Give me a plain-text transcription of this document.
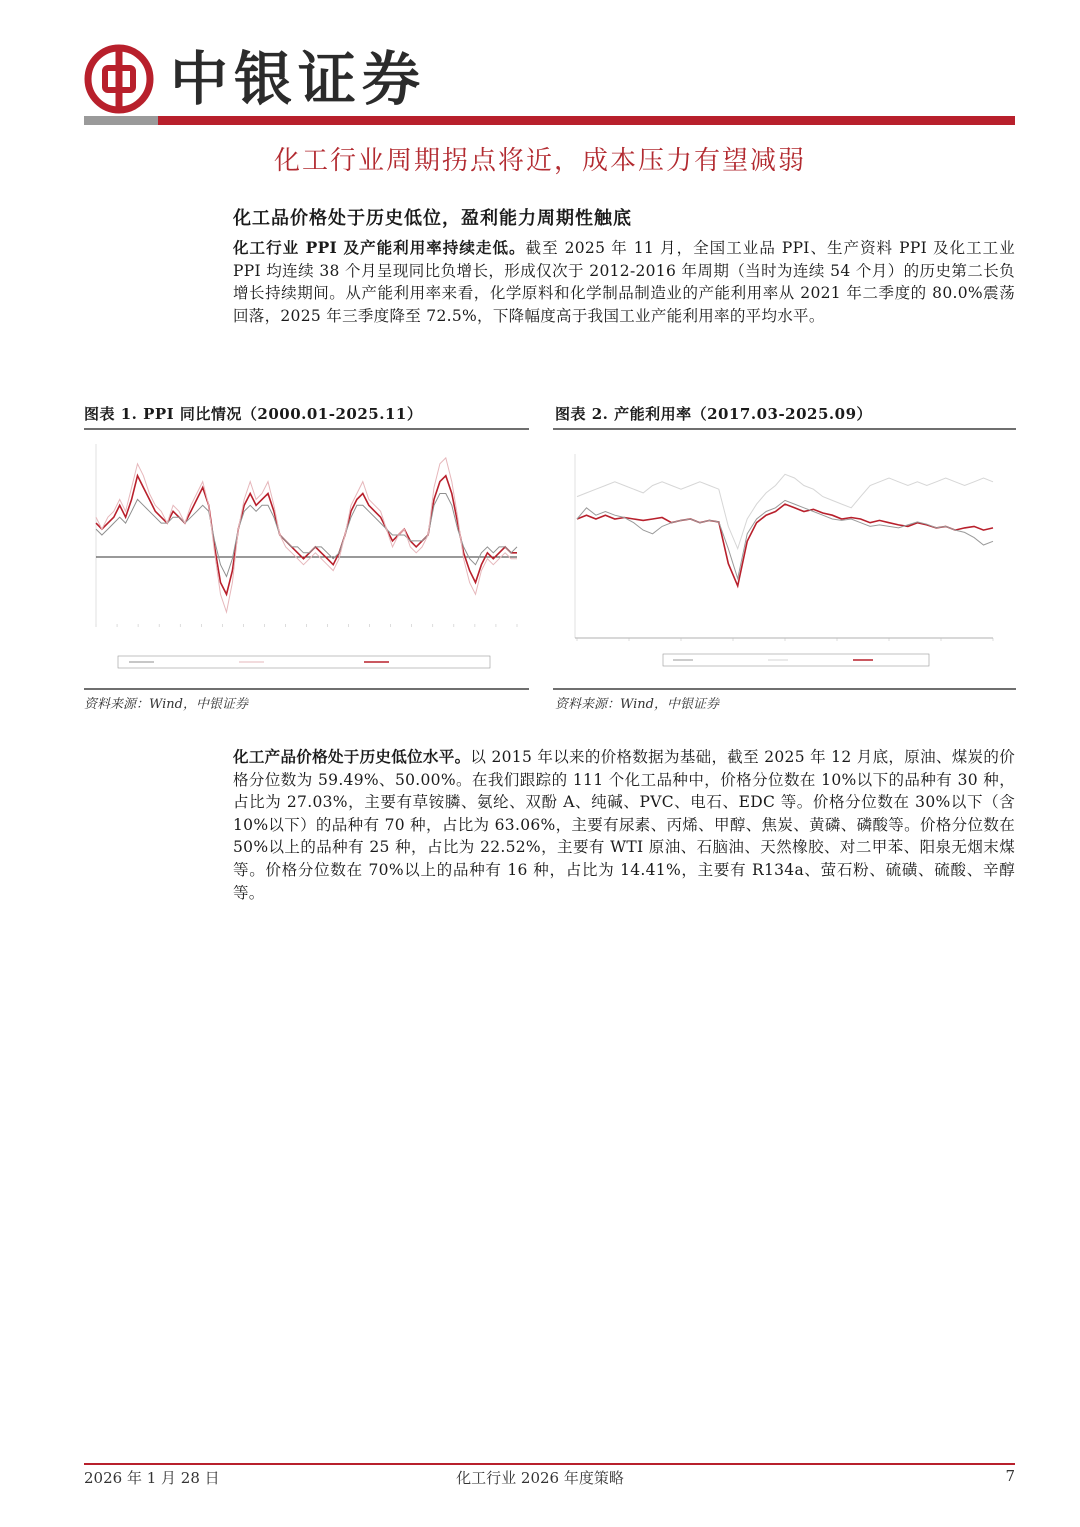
中银证券
化工行业周期拐点将近，成本压力有望减弱
化工品价格处于历史低位，盈利能力周期性触底
化工行业 PPI 及产能利用率持续走低。截至 2025 年 11 月，全国工业品 PPI、生产资料 PPI 及化工工业 PPI 均连续 38 个月呈现同比负增长，形成仅次于 2012-2016 年周期（当时为连续 54 个月）的历史第二长负增长持续期间。从产能利用率来看，化学原料和化学制品制造业的产能利用率从 2021 年二季度的 80.0%震荡回落，2025 年三季度降至 72.5%，下降幅度高于我国工业产能利用率的平均水平。
图表 1. PPI 同比情况（2000.01-2025.11）
资料来源：Wind，中银证券
图表 2. 产能利用率（2017.03-2025.09）
资料来源：Wind，中银证券
化工产品价格处于历史低位水平。以 2015 年以来的价格数据为基础，截至 2025 年 12 月底，原油、煤炭的价格分位数为 59.49%、50.00%。在我们跟踪的 111 个化工品种中，价格分位数在 10%以下的品种有 30 种，占比为 27.03%，主要有草铵膦、氨纶、双酚 A、纯碱、PVC、电石、EDC 等。价格分位数在 30%以下（含 10%以下）的品种有 70 种，占比为 63.06%，主要有尿素、丙烯、甲醇、焦炭、黄磷、磷酸等。价格分位数在 50%以上的品种有 25 种，占比为 22.52%，主要有 WTI 原油、石脑油、天然橡胶、对二甲苯、阳泉无烟末煤等。价格分位数在 70%以上的品种有 16 种，占比为 14.41%，主要有 R134a、萤石粉、硫磺、硫酸、辛醇等。
2026 年 1 月 28 日	化工行业 2026 年度策略	7
